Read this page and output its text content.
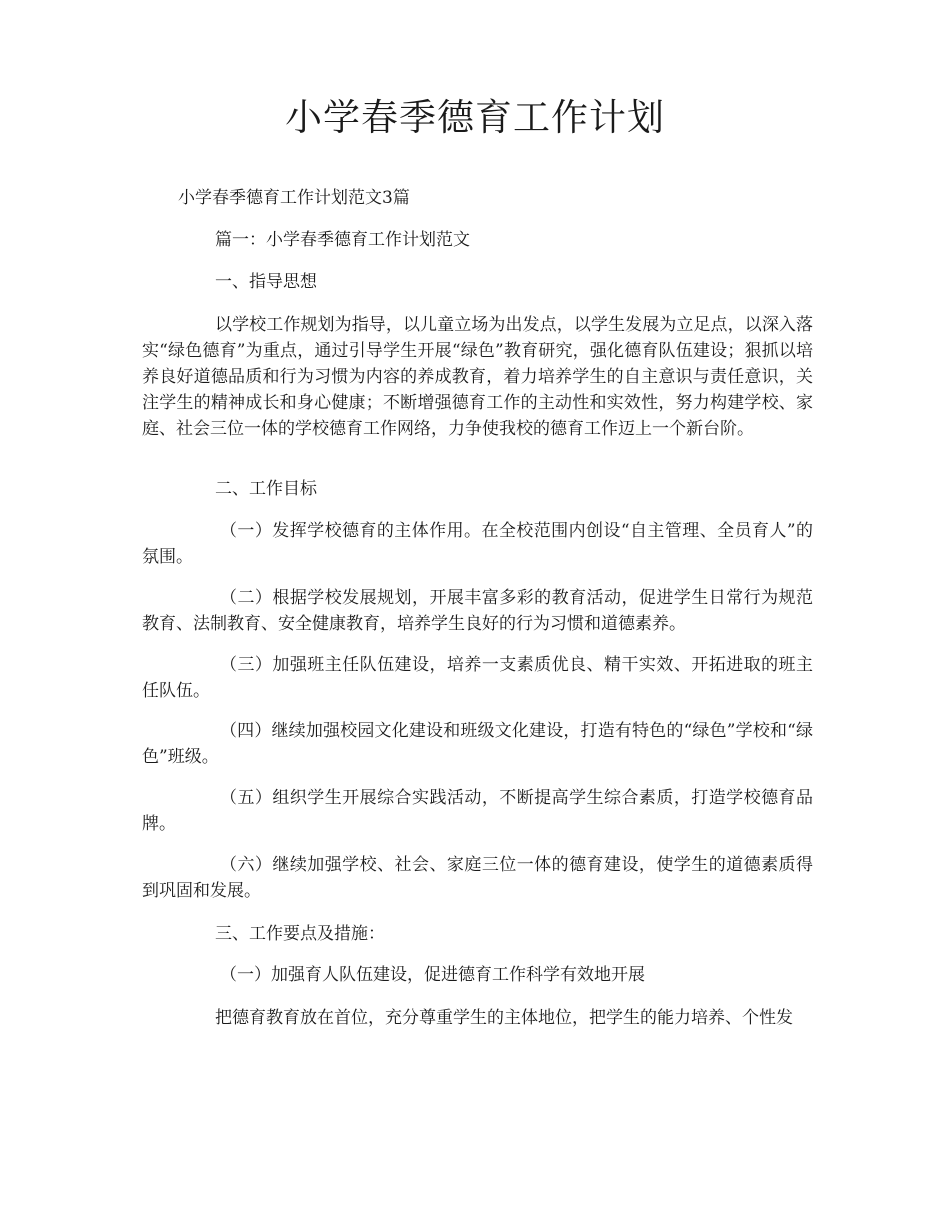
小学春季德育工作计划

小学春季德育工作计划范文3篇

篇一：小学春季德育工作计划范文

一、指导思想

以学校工作规划为指导，以儿童立场为出发点，以学生发展为立足点，以深入落实“绿色德育”为重点，通过引导学生开展“绿色”教育研究，强化德育队伍建设；狠抓以培养良好道德品质和行为习惯为内容的养成教育，着力培养学生的自主意识与责任意识，关注学生的精神成长和身心健康；不断增强德育工作的主动性和实效性，努力构建学校、家庭、社会三位一体的学校德育工作网络，力争使我校的德育工作迈上一个新台阶。

二、工作目标

（一）发挥学校德育的主体作用。在全校范围内创设“自主管理、全员育人”的氛围。

（二）根据学校发展规划，开展丰富多彩的教育活动，促进学生日常行为规范教育、法制教育、安全健康教育，培养学生良好的行为习惯和道德素养。

（三）加强班主任队伍建设，培养一支素质优良、精干实效、开拓进取的班主任队伍。

（四）继续加强校园文化建设和班级文化建设，打造有特色的“绿色”学校和“绿色”班级。

（五）组织学生开展综合实践活动，不断提高学生综合素质，打造学校德育品牌。

（六）继续加强学校、社会、家庭三位一体的德育建设，使学生的道德素质得到巩固和发展。

三、工作要点及措施：

（一）加强育人队伍建设，促进德育工作科学有效地开展

把德育教育放在首位，充分尊重学生的主体地位，把学生的能力培养、个性发
